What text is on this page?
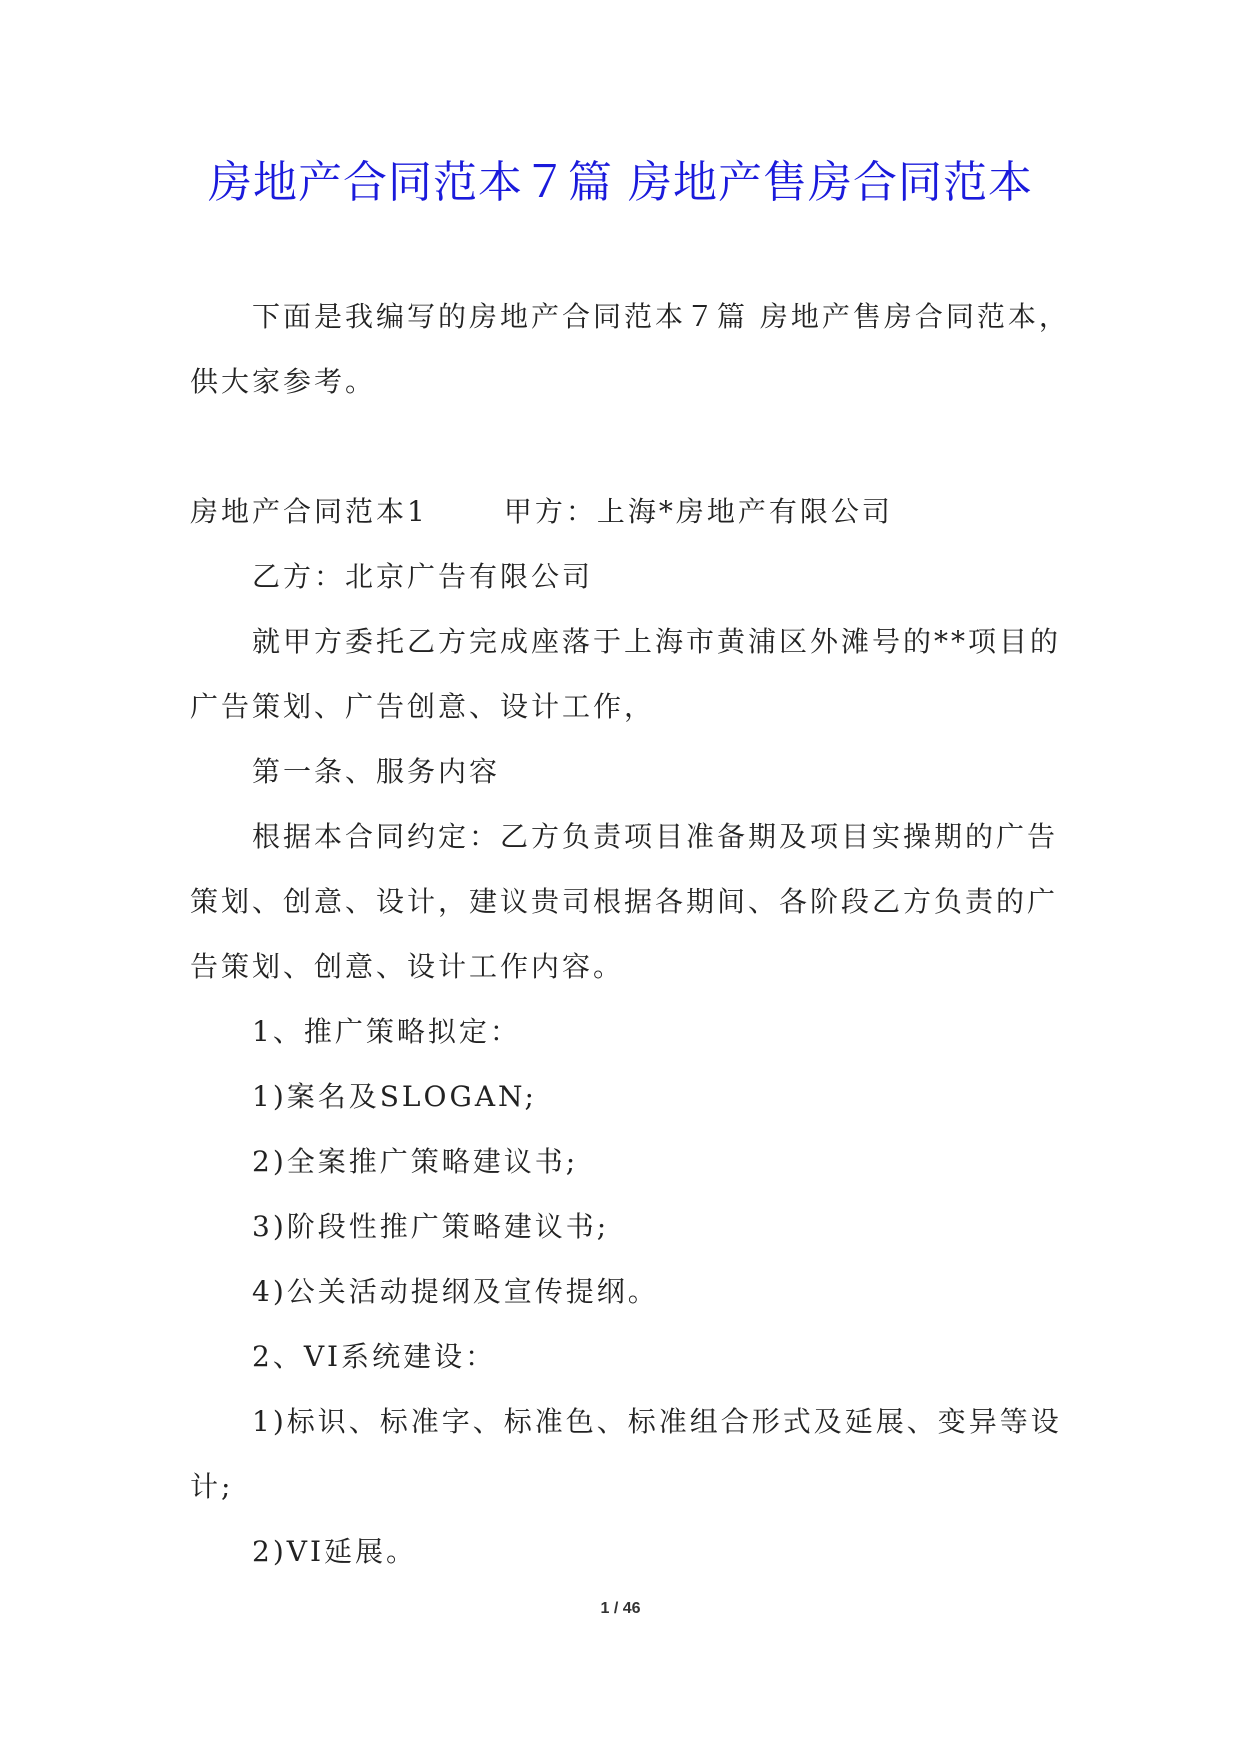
房地产合同范本７篇 房地产售房合同范本

下面是我编写的房地产合同范本７篇 房地产售房合同范本，供大家参考。

房地产合同范本1	甲方：上海*房地产有限公司

乙方：北京广告有限公司

就甲方委托乙方完成座落于上海市黄浦区外滩号的**项目的广告策划、广告创意、设计工作，

第一条、服务内容

根据本合同约定：乙方负责项目准备期及项目实操期的广告策划、创意、设计，建议贵司根据各期间、各阶段乙方负责的广告策划、创意、设计工作内容。

1、推广策略拟定：

1)案名及SLOGAN;

2)全案推广策略建议书;

3)阶段性推广策略建议书;

4)公关活动提纲及宣传提纲。

2、VI系统建设：

1)标识、标准字、标准色、标准组合形式及延展、变异等设计;

2)VI延展。

1 / 46
